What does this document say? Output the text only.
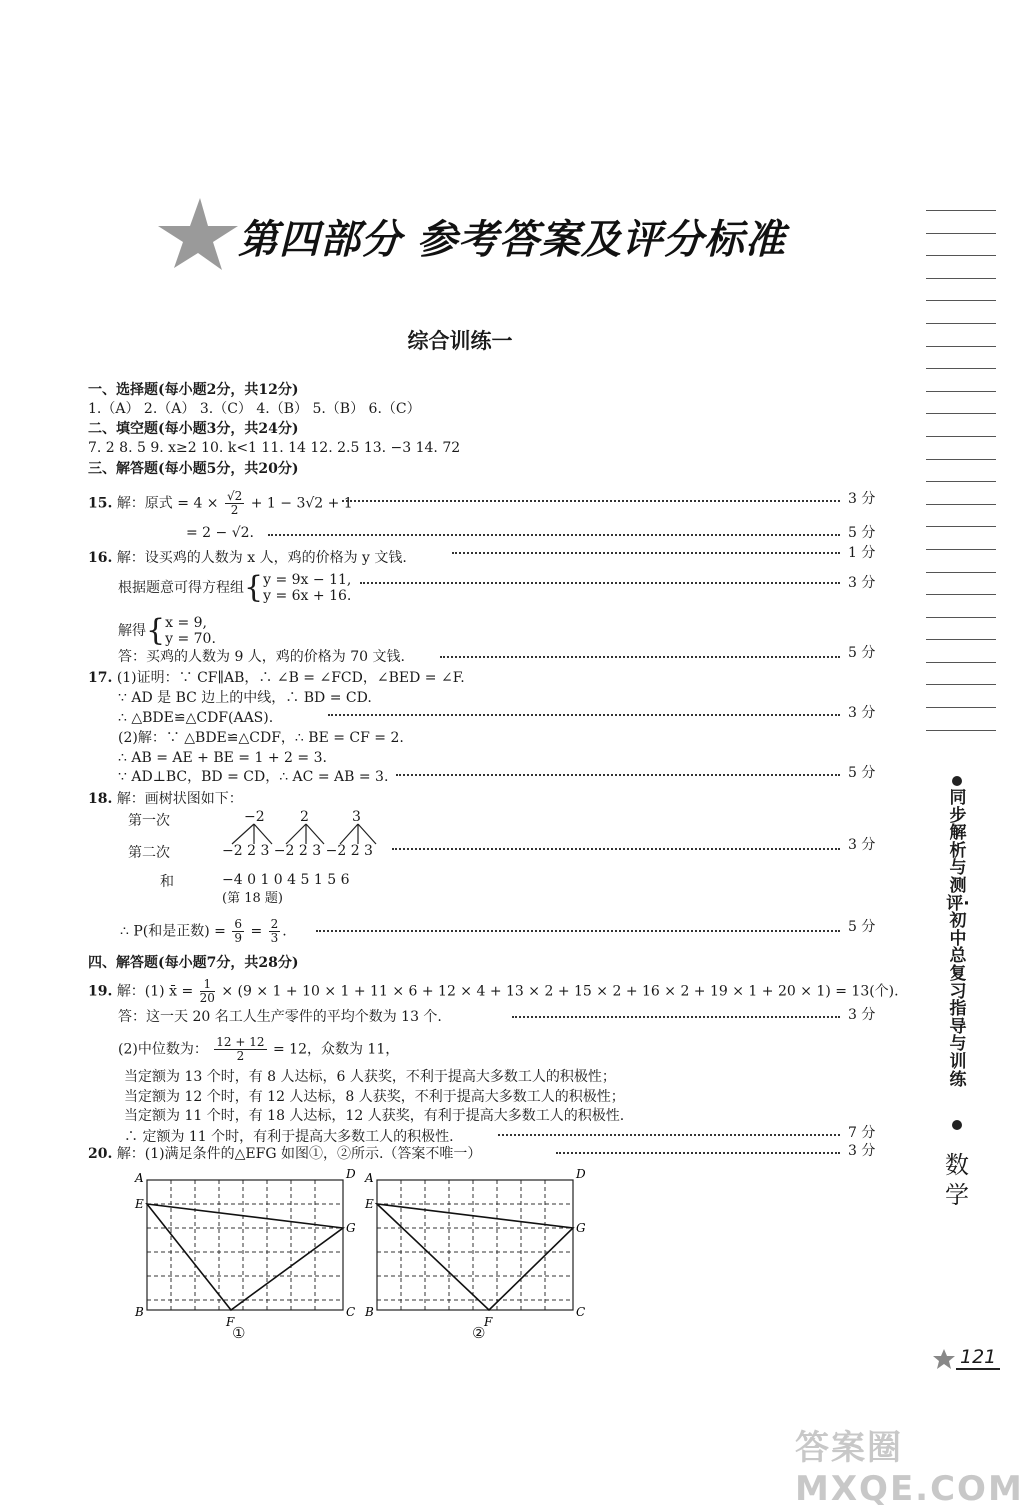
第四部分 参考答案及评分标准
综合训练一
一、选择题(每小题2分，共12分)
1.（A） 2.（A） 3.（C） 4.（B） 5.（B） 6.（C）
二、填空题(每小题3分，共24分)
7. 2 8. 5 9. x≥2 10. k<1 11. 14 12. 2.5 13. −3 14. 72
三、解答题(每小题5分，共20分)
15. 解：原式 = $4 \times \frac{√2}{2} + 1 - 3√2 + 1$	3 分
= 2 − √2.	5 分
16. 解：设买鸡的人数为 x 人，鸡的价格为 y 文钱.	1 分
根据题意可得方程组{ y = 9x − 11,
y = 6x + 16.
3 分
解得{ x = 9,
y = 70.
答：买鸡的人数为 9 人，鸡的价格为 70 文钱.	5 分
17. (1)证明：∵ CF∥AB，∴ ∠B = ∠FCD，∠BED = ∠F.
∵ AD 是 BC 边上的中线，∴ BD = CD.
∴ △BDE≌△CDF(AAS).	3 分
(2)解：∵ △BDE≌△CDF，∴ BE = CF = 2.
∴ AB = AE + BE = 1 + 2 = 3.
∵ AD⊥BC，BD = CD，∴ AC = AB = 3.	5 分
18. 解：画树状图如下：
第一次	−2	2	3
第二次	−2 2 3 −2 2 3 −2 2 3	3 分
和	−4 0 1 0 4 5 1 5 6
(第 18 题)
∴ P(和是正数) = $\frac{6}{9} = \frac{2}{3}$ .	5 分
四、解答题(每小题7分，共28分)
19. 解：(1) x̄ = $\frac{1}{20} \times (9 \times 1 + 10 \times 1 + 11 \times 6 + 12 \times 4 + 13 \times 2 + 15 \times 2 + 16 \times 2 + 19 \times 1 + 20 \times 1) = 13$(个).
答：这一天 20 名工人生产零件的平均个数为 13 个.	3 分
(2)中位数为： $\frac{12 + 12}{2} = 12$，众数为 11，
当定额为 13 个时，有 8 人达标，6 人获奖，不利于提高大多数工人的积极性；
当定额为 12 个时，有 12 人达标，8 人获奖，不利于提高大多数工人的积极性；
当定额为 11 个时，有 18 人达标，12 人获奖，有利于提高大多数工人的积极性.
∴ 定额为 11 个时，有利于提高大多数工人的积极性.	7 分
20. 解：(1)满足条件的△EFG 如图①，②所示.（答案不唯一）	3 分
A	D
E
G
B
F
C
①
A	D
E
G
B
F
C
②
同步解析与测评·初中总复习指导与训练
数学
121
答案圈 MXQE.COM
